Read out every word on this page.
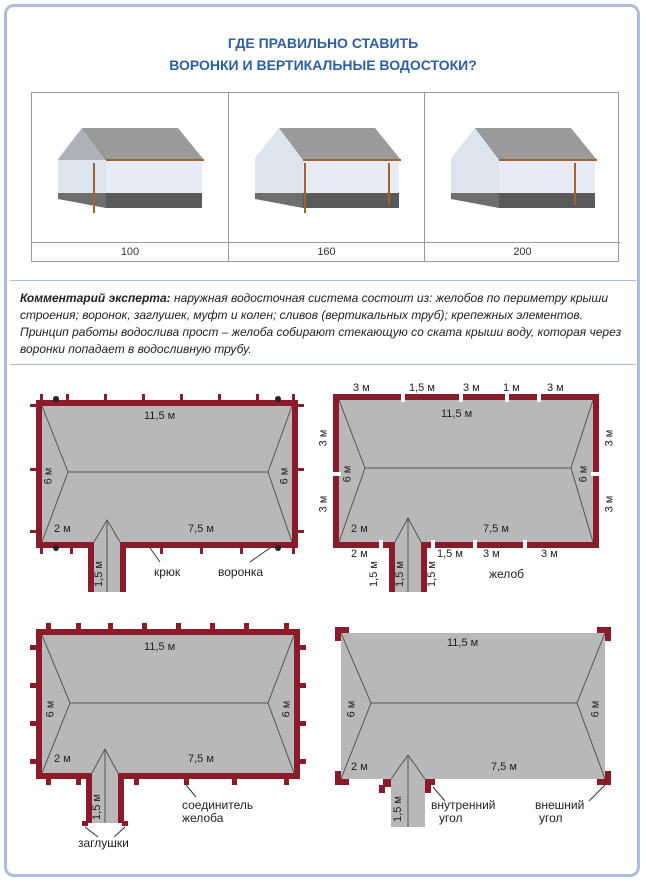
ГДЕ ПРАВИЛЬНО СТАВИТЬ
ВОРОНКИ И ВЕРТИКАЛЬНЫЕ ВОДОСТОКИ?
100	160	200
Комментарий эксперта: наружная водосточная система состоит из: желобов по периметру крыши строения; воронок, заглушек, муфт и колен; сливов (вертикальных труб); крепежных элементов. Принцип работы водослива прост – желоба собирают стекающую со ската крыши воду, которая через воронки попадает в водосливную трубу.
11,5 м
6 м	6 м
2 м	7,5 м
1,5 м	крюк	воронка
3 м	1,5 м	3 м 1 м 3 м
11,5 м
3 м
3 м
6 м	6 м
3 м
3 м
2 м	7,5 м
2 м	1,5 м 3 м	3 м
1,5 м 1,5 м 1,5 м	желоб
11,5 м
6 м	6 м
2 м	7,5 м
1,5 м	соединитель
желоба
заглушки
11,5 м
6 м	6 м
2 м	7,5 м
1,5 м внутренний
угол
внешний
угол
